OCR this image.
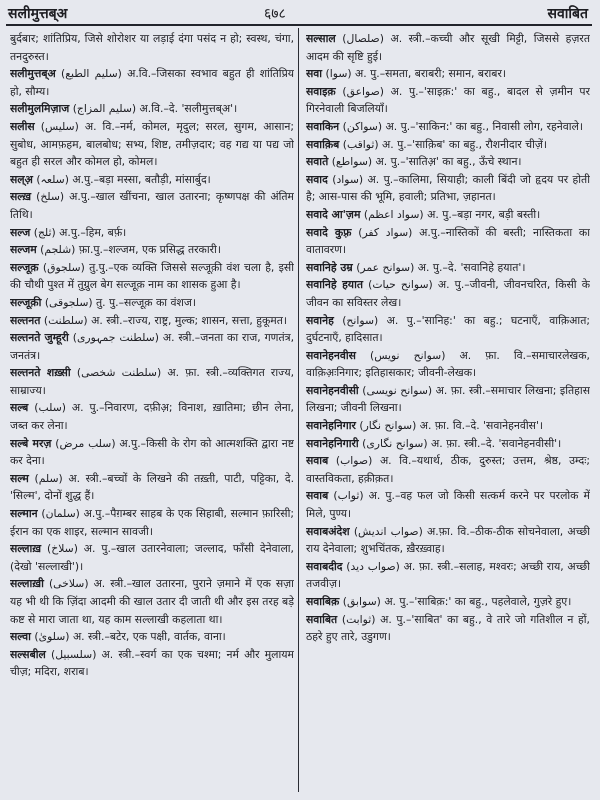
सलीमुत्तब्अ	६७८	सवाबित

बुर्दबार; शांतिप्रिय, जिसे शोरोशर या लड़ाई दंगा पसंद न हो; स्वस्थ, चंगा, तनदुरुस्त।

सलीमुत्तब्अ (سلیم الطبع) अ.वि.–जिसका स्वभाव बहुत ही शांतिप्रिय हो, सौम्य।

सलीमुलमिज़ाज (سلیم المزاج) अ.वि.–दे. 'सलीमुत्तब्अ'।

सलीस (سلیس) अ. वि.–नर्म, कोमल, मृदुल; सरल, सुगम, आसान; सुबोध, आमफ़हम, बालबोध; सभ्य, शिष्ट, तमीज़दार; वह गद्य या पद्य जो बहुत ही सरल और कोमल हो, कोमल।

सल्अ़ (سلعہ) अ.पु.–बड़ा मस्सा, बतौड़ी, मांसार्बुद।

सल्ख़ (سلخ) अ.पु.–खाल खींचना, खाल उतारना; कृष्णपक्ष की अंतिम तिथि।

सल्ज (ثلج) अ.पु.–हिम, बर्फ़।

सल्जम (شلجم) फ़ा.पु.–शल्जम, एक प्रसिद्ध तरकारी।

सल्जूक़ (سلجوق) तु.पु.–एक व्यक्ति जिससे सल्जूक़ी वंश चला है, इसी की चौथी पुश्त में तुग़्रुल बेग सल्जूक़ नाम का शासक हुआ है।

सल्जूक़ी (سلجوقی) तु. पु.–सल्जूक़ का वंशज।

सल्तनत (سلطنت) अ. स्त्री.–राज्य, राष्ट्र, मुल्क; शासन, सत्ता, हुकूमत।

सल्तनते जुम्हूरी (سلطنت جمہوری) अ. स्त्री.–जनता का राज, गणतंत्र, जनतंत्र।

सल्तनते शख़्सी (سلطنت شخصی) अ. फ़ा. स्त्री.–व्यक्तिगत राज्य, साम्राज्य।

सल्ब (سلب) अ. पु.–निवारण, दफ़ीअ़; विनाश, ख़ातिमा; छीन लेना, जब्त कर लेना।

सल्बे मरज़ (سلب مرض) अ.पु.–किसी के रोग को आत्मशक्ति द्वारा नष्ट कर देना।

सल्म (سلم) अ. स्त्री.–बच्चों के लिखने की तख़्ती, पाटी, पट्टिका, दे. 'सिल्म', दोनों शुद्ध हैं।

सल्मान (سلمان) अ.पु.–पैग़म्बर साहब के एक सिहाबी, सल्मान फ़ारिसी; ईरान का एक शाइर, सल्मान सावजी।

सल्लाख़ (سلاخ) अ. पु.–खाल उतारनेवाला; जल्लाद, फाँसी देनेवाला, (देखो 'सल्लाखी')।

सल्लाख़ी (سلاخی) अ. स्त्री.–खाल उतारना, पुराने ज़माने में एक सज़ा यह भी थी कि ज़िंदा आदमी की खाल उतार दी जाती थी और इस तरह बड़े कष्ट से मारा जाता था, यह काम सल्लाखी कहलाता था।

सल्वा (سلویٰ) अ. स्त्री.–बटेर, एक पक्षी, वार्तक, वाना।

सल्सबील (سلسبیل) अ. स्त्री.–स्वर्ग का एक चश्मा; नर्म और मुलायम चीज़; मदिरा, शराब।

सल्साल (صلصال) अ. स्त्री.–कच्ची और सूखी मिट्टी, जिससे हज़रत आदम की सृष्टि हुई।

सवा (سوا) अ. पु.–समता, बराबरी; समान, बराबर।

सवाइक़ (صواعق) अ. पु.–'साइक़:' का बहु., बादल से ज़मीन पर गिरनेवाली बिजलियाँ।

सवाकिन (سواکن) अ. पु.–'साकिन:' का बहु., निवासी लोग, रहनेवाले।

सवाक़िब (ثواقب) अ. पु.–'साक़िब' का बहु., रौशनीदार चीज़ें।

सवाते (سواطع) अ. पु.–'सातिअ़' का बहु., ऊँचे स्थान।

सवाद (سواد) अ. पु.–कालिमा, सियाही; काली बिंदी जो हृदय पर होती है; आस-पास की भूमि, हवाली; प्रतिभा, ज़हानत।

सवादे आ'ज़म (سواد اعظم) अ. पु.–बड़ा नगर, बड़ी बस्ती।

सवादे कुफ़्र (سواد کفر) अ.पु.–नास्तिकों की बस्ती; नास्तिकता का वातावरण।

सवानिहे उम्र (سوانح عمر) अ. पु.–दे. 'सवानिहे हयात'।

सवानिहे हयात (سوانح حیات) अ. पु.–जीवनी, जीवनचरित, किसी के जीवन का सविस्तर लेख।

सवानेह (سوانح) अ. पु.–'सानिह:' का बहु.; घटनाएँ, वाक़िआत; दुर्घटनाएँ, हादिसात।

सवानेहनवीस (سوانح نویس) अ. फ़ा. वि.–समाचारलेखक, वाक़िअ़ःनिगार; इतिहासकार; जीवनी-लेखक।

सवानेहनवीसी (سوانح نویسی) अ. फ़ा. स्त्री.–समाचार लिखना; इतिहास लिखना; जीवनी लिखना।

सवानेहनिगार (سوانح نگار) अ. फ़ा. वि.–दे. 'सवानेहनवीस'।

सवानेहनिगारी (سوانح نگاری) अ. फ़ा. स्त्री.–दे. 'सवानेहनवीसी'।

सवाब (صواب) अ. वि.–यथार्थ, ठीक, दुरुस्त; उत्तम, श्रेष्ठ, उम्दः; वास्तविकता, हक़ीक़त।

सवाब (ثواب) अ. पु.–वह फल जो किसी सत्कर्म करने पर परलोक में मिले, पुण्य।

सवाबअंदेश (صواب اندیش) अ.फ़ा. वि.–ठीक-ठीक सोचनेवाला, अच्छी राय देनेवाला; शुभचिंतक, ख़ैरख़्वाह।

सवाबदीद (صواب دید) अ. फ़ा. स्त्री.–सलाह, मश्वरः; अच्छी राय, अच्छी तजवीज़।

सवाबिक़ (سوابق) अ. पु.–'साबिक़:' का बहु., पहलेवाले, गुज़रे हुए।

सवाबित (ثوابت) अ. पु.–'साबित' का बहु., वे तारे जो गतिशील न हों, ठहरे हुए तारे, उडुगण।
